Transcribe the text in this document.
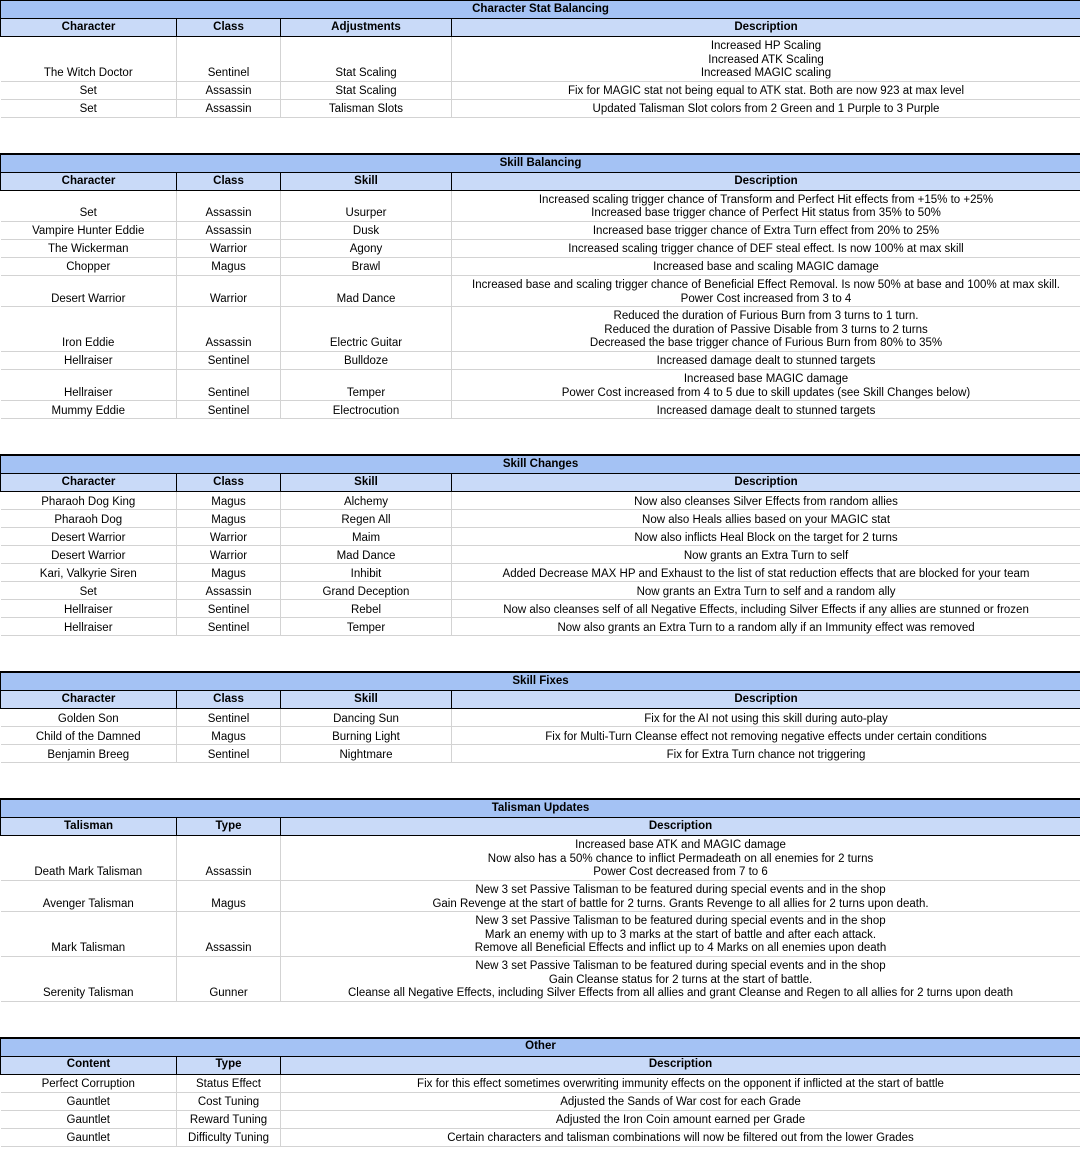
Character Stat Balancing			
Character	Class	Adjustments	Description
The Witch Doctor	Sentinel	Stat Scaling	Increased HP Scaling
Increased ATK Scaling
Increased MAGIC scaling

Set	Assassin	Stat Scaling	Fix for MAGIC stat not being equal to ATK stat. Both are now 923 at max level

Set	Assassin	Talisman Slots	Updated Talisman Slot colors from 2 Green and 1 Purple to 3 Purple
Skill Balancing			
Character	Class	Skill	Description
Set	Assassin	Usurper	Increased scaling trigger chance of Transform and Perfect Hit effects from +15% to +25%
Increased base trigger chance of Perfect Hit status from 35% to 50%

Vampire Hunter Eddie	Assassin	Dusk	Increased base trigger chance of Extra Turn effect from 20% to 25%

The Wickerman	Warrior	Agony	Increased scaling trigger chance of DEF steal effect. Is now 100% at max skill

Chopper	Magus	Brawl	Increased base and scaling MAGIC damage

Desert Warrior	Warrior	Mad Dance	Increased base and scaling trigger chance of Beneficial Effect Removal. Is now 50% at base and 100% at max skill.
Power Cost increased from 3 to 4

Iron Eddie	Assassin	Electric Guitar	Reduced the duration of Furious Burn from 3 turns to 1 turn.
Reduced the duration of Passive Disable from 3 turns to 2 turns
Decreased the base trigger chance of Furious Burn from 80% to 35%

Hellraiser	Sentinel	Bulldoze	Increased damage dealt to stunned targets

Hellraiser	Sentinel	Temper	Increased base MAGIC damage
Power Cost increased from 4 to 5 due to skill updates (see Skill Changes below)

Mummy Eddie	Sentinel	Electrocution	Increased damage dealt to stunned targets
Skill Changes			
Character	Class	Skill	Description
Pharaoh Dog King	Magus	Alchemy	Now also cleanses Silver Effects from random allies

Pharaoh Dog	Magus	Regen All	Now also Heals allies based on your MAGIC stat

Desert Warrior	Warrior	Maim	Now also inflicts Heal Block on the target for 2 turns

Desert Warrior	Warrior	Mad Dance	Now grants an Extra Turn to self

Kari, Valkyrie Siren	Magus	Inhibit	Added Decrease MAX HP and Exhaust to the list of stat reduction effects that are blocked for your team

Set	Assassin	Grand Deception	Now grants an Extra Turn to self and a random ally

Hellraiser	Sentinel	Rebel	Now also cleanses self of all Negative Effects, including Silver Effects if any allies are stunned or frozen

Hellraiser	Sentinel	Temper	Now also grants an Extra Turn to a random ally if an Immunity effect was removed
Skill Fixes			
Character	Class	Skill	Description
Golden Son	Sentinel	Dancing Sun	Fix for the AI not using this skill during auto-play

Child of the Damned	Magus	Burning Light	Fix for Multi-Turn Cleanse effect not removing negative effects under certain conditions

Benjamin Breeg	Sentinel	Nightmare	Fix for Extra Turn chance not triggering
Talisman Updates		
Talisman	Type	Description
Death Mark Talisman	Assassin	Increased base ATK and MAGIC damage
Now also has a 50% chance to inflict Permadeath on all enemies for 2 turns
Power Cost decreased from 7 to 6

Avenger Talisman	Magus	New 3 set Passive Talisman to be featured during special events and in the shop
Gain Revenge at the start of battle for 2 turns. Grants Revenge to all allies for 2 turns upon death.

Mark Talisman	Assassin	New 3 set Passive Talisman to be featured during special events and in the shop
Mark an enemy with up to 3 marks at the start of battle and after each attack.
Remove all Beneficial Effects and inflict up to 4 Marks on all enemies upon death

Serenity Talisman	Gunner	New 3 set Passive Talisman to be featured during special events and in the shop
Gain Cleanse status for 2 turns at the start of battle.
Cleanse all Negative Effects, including Silver Effects from all allies and grant Cleanse and Regen to all allies for 2 turns upon death
Other		
Content	Type	Description
Perfect Corruption	Status Effect	Fix for this effect sometimes overwriting immunity effects on the opponent if inflicted at the start of battle

Gauntlet	Cost Tuning	Adjusted the Sands of War cost for each Grade

Gauntlet	Reward Tuning	Adjusted the Iron Coin amount earned per Grade

Gauntlet	Difficulty Tuning	Certain characters and talisman combinations will now be filtered out from the lower Grades
